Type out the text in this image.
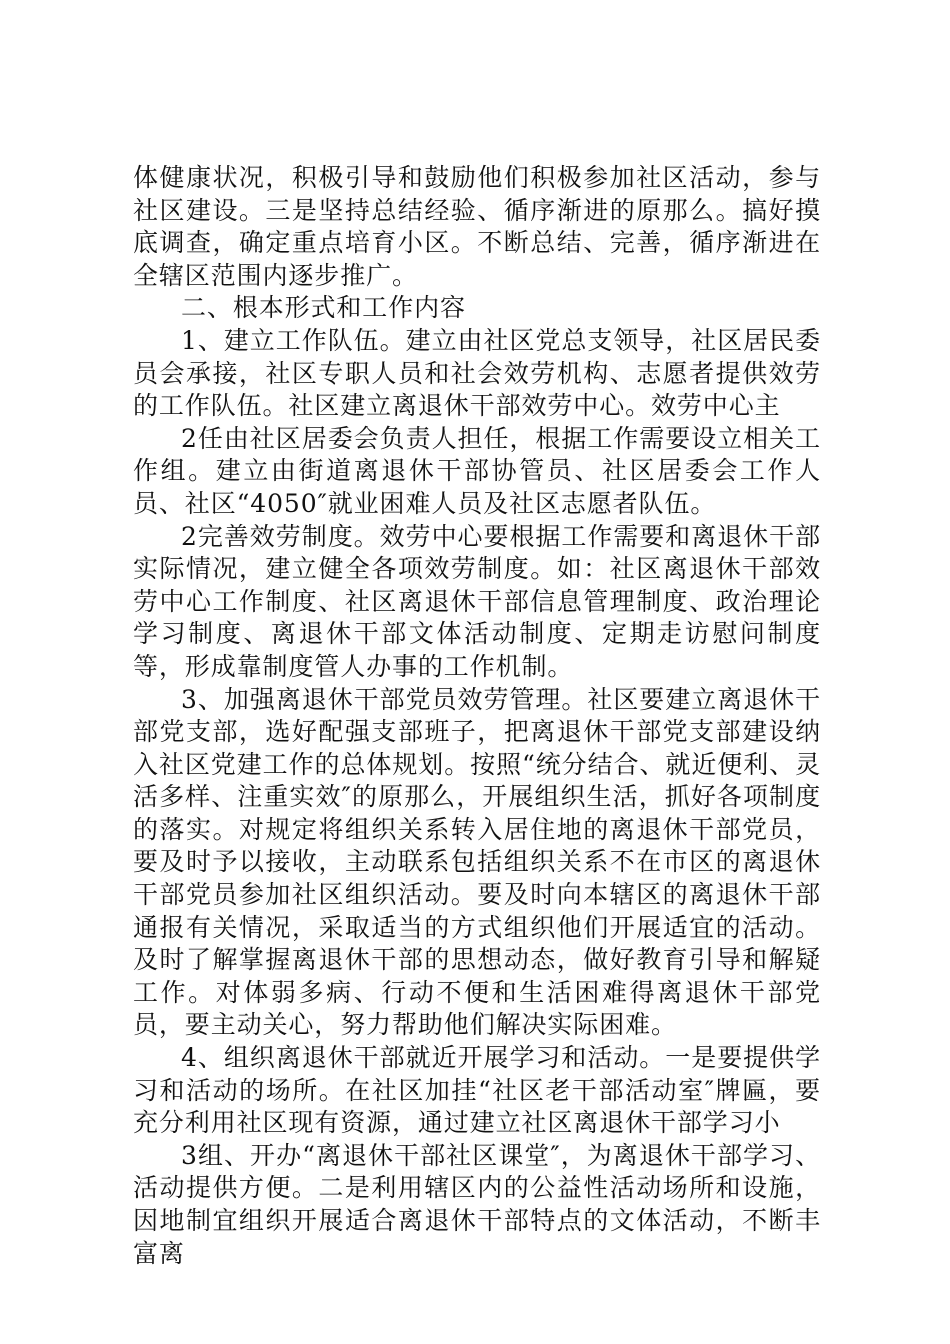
体健康状况，积极引导和鼓励他们积极参加社区活动，参与社区建设。三是坚持总结经验、循序渐进的原那么。搞好摸底调查，确定重点培育小区。不断总结、完善，循序渐进在全辖区范围内逐步推广。

二、根本形式和工作内容

1、建立工作队伍。建立由社区党总支领导，社区居民委员会承接，社区专职人员和社会效劳机构、志愿者提供效劳的工作队伍。社区建立离退休干部效劳中心。效劳中心主

2任由社区居委会负责人担任，根据工作需要设立相关工作组。建立由街道离退休干部协管员、社区居委会工作人员、社区“4050″就业困难人员及社区志愿者队伍。

2完善效劳制度。效劳中心要根据工作需要和离退休干部实际情况，建立健全各项效劳制度。如：社区离退休干部效劳中心工作制度、社区离退休干部信息管理制度、政治理论学习制度、离退休干部文体活动制度、定期走访慰问制度等，形成靠制度管人办事的工作机制。

3、加强离退休干部党员效劳管理。社区要建立离退休干部党支部，选好配强支部班子，把离退休干部党支部建设纳入社区党建工作的总体规划。按照“统分结合、就近便利、灵活多样、注重实效″的原那么，开展组织生活，抓好各项制度的落实。对规定将组织关系转入居住地的离退休干部党员，要及时予以接收，主动联系包括组织关系不在市区的离退休干部党员参加社区组织活动。要及时向本辖区的离退休干部通报有关情况，采取适当的方式组织他们开展适宜的活动。及时了解掌握离退休干部的思想动态，做好教育引导和解疑工作。对体弱多病、行动不便和生活困难得离退休干部党员，要主动关心，努力帮助他们解决实际困难。

4、组织离退休干部就近开展学习和活动。一是要提供学习和活动的场所。在社区加挂“社区老干部活动室″牌匾，要充分利用社区现有资源，通过建立社区离退休干部学习小

3组、开办“离退休干部社区课堂″，为离退休干部学习、活动提供方便。二是利用辖区内的公益性活动场所和设施，因地制宜组织开展适合离退休干部特点的文体活动，不断丰富离
